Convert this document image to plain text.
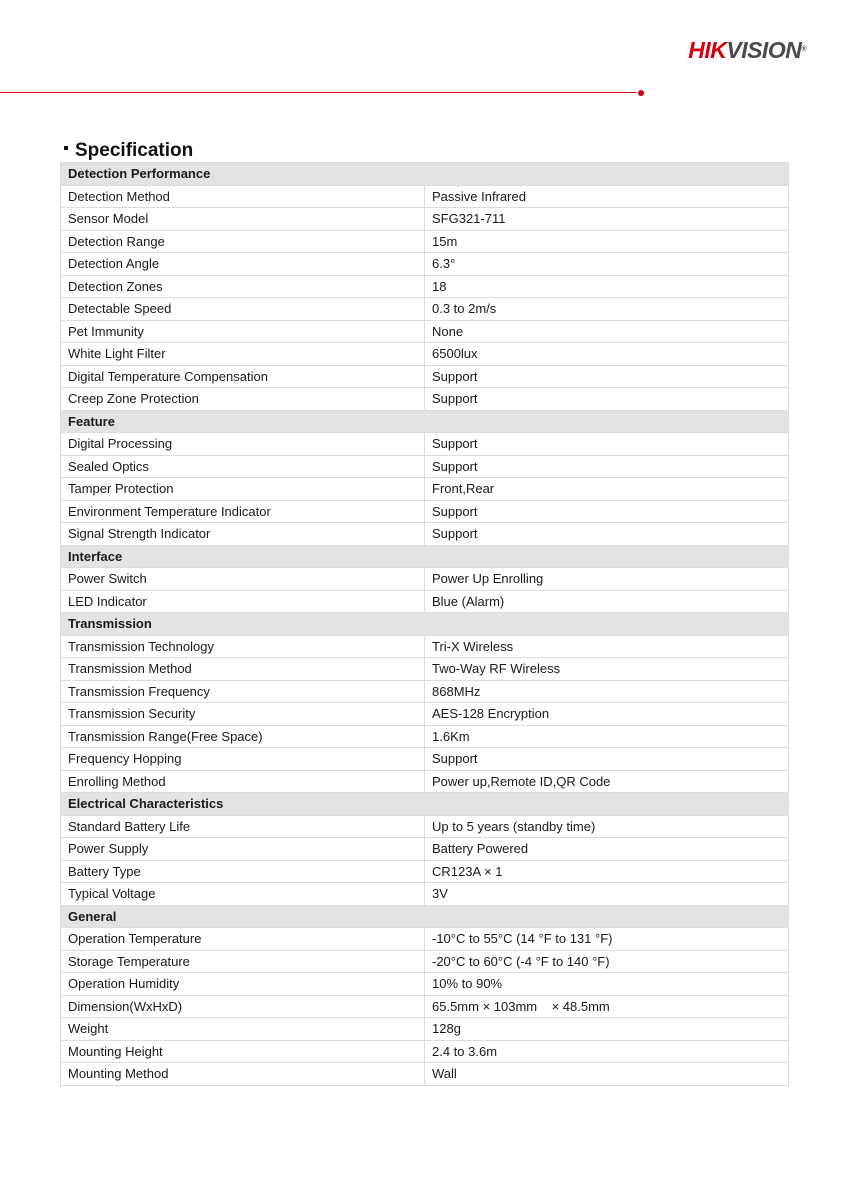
HIKVISION®
Specification
Detection Performance	
Detection Method	Passive Infrared
Sensor Model	SFG321-711
Detection Range	15m
Detection Angle	6.3°
Detection Zones	18
Detectable Speed	0.3 to 2m/s
Pet Immunity	None
White Light Filter	6500lux
Digital Temperature Compensation	Support
Creep Zone Protection	Support
Feature	
Digital Processing	Support
Sealed Optics	Support
Tamper Protection	Front,Rear
Environment Temperature Indicator	Support
Signal Strength Indicator	Support
Interface	
Power Switch	Power Up Enrolling
LED Indicator	Blue (Alarm)
Transmission	
Transmission Technology	Tri-X Wireless
Transmission Method	Two-Way RF Wireless
Transmission Frequency	868MHz
Transmission Security	AES-128 Encryption
Transmission Range(Free Space)	1.6Km
Frequency Hopping	Support
Enrolling Method	Power up,Remote ID,QR Code
Electrical Characteristics	
Standard Battery Life	Up to 5 years (standby time)
Power Supply	Battery Powered
Battery Type	CR123A × 1
Typical Voltage	3V
General	
Operation Temperature	-10°C to 55°C (14 °F to 131 °F)
Storage Temperature	-20°C to 60°C (-4 °F to 140 °F)
Operation Humidity	10% to 90%
Dimension(WxHxD)	65.5mm × 103mm    × 48.5mm
Weight	128g
Mounting Height	2.4 to 3.6m
Mounting Method	Wall
